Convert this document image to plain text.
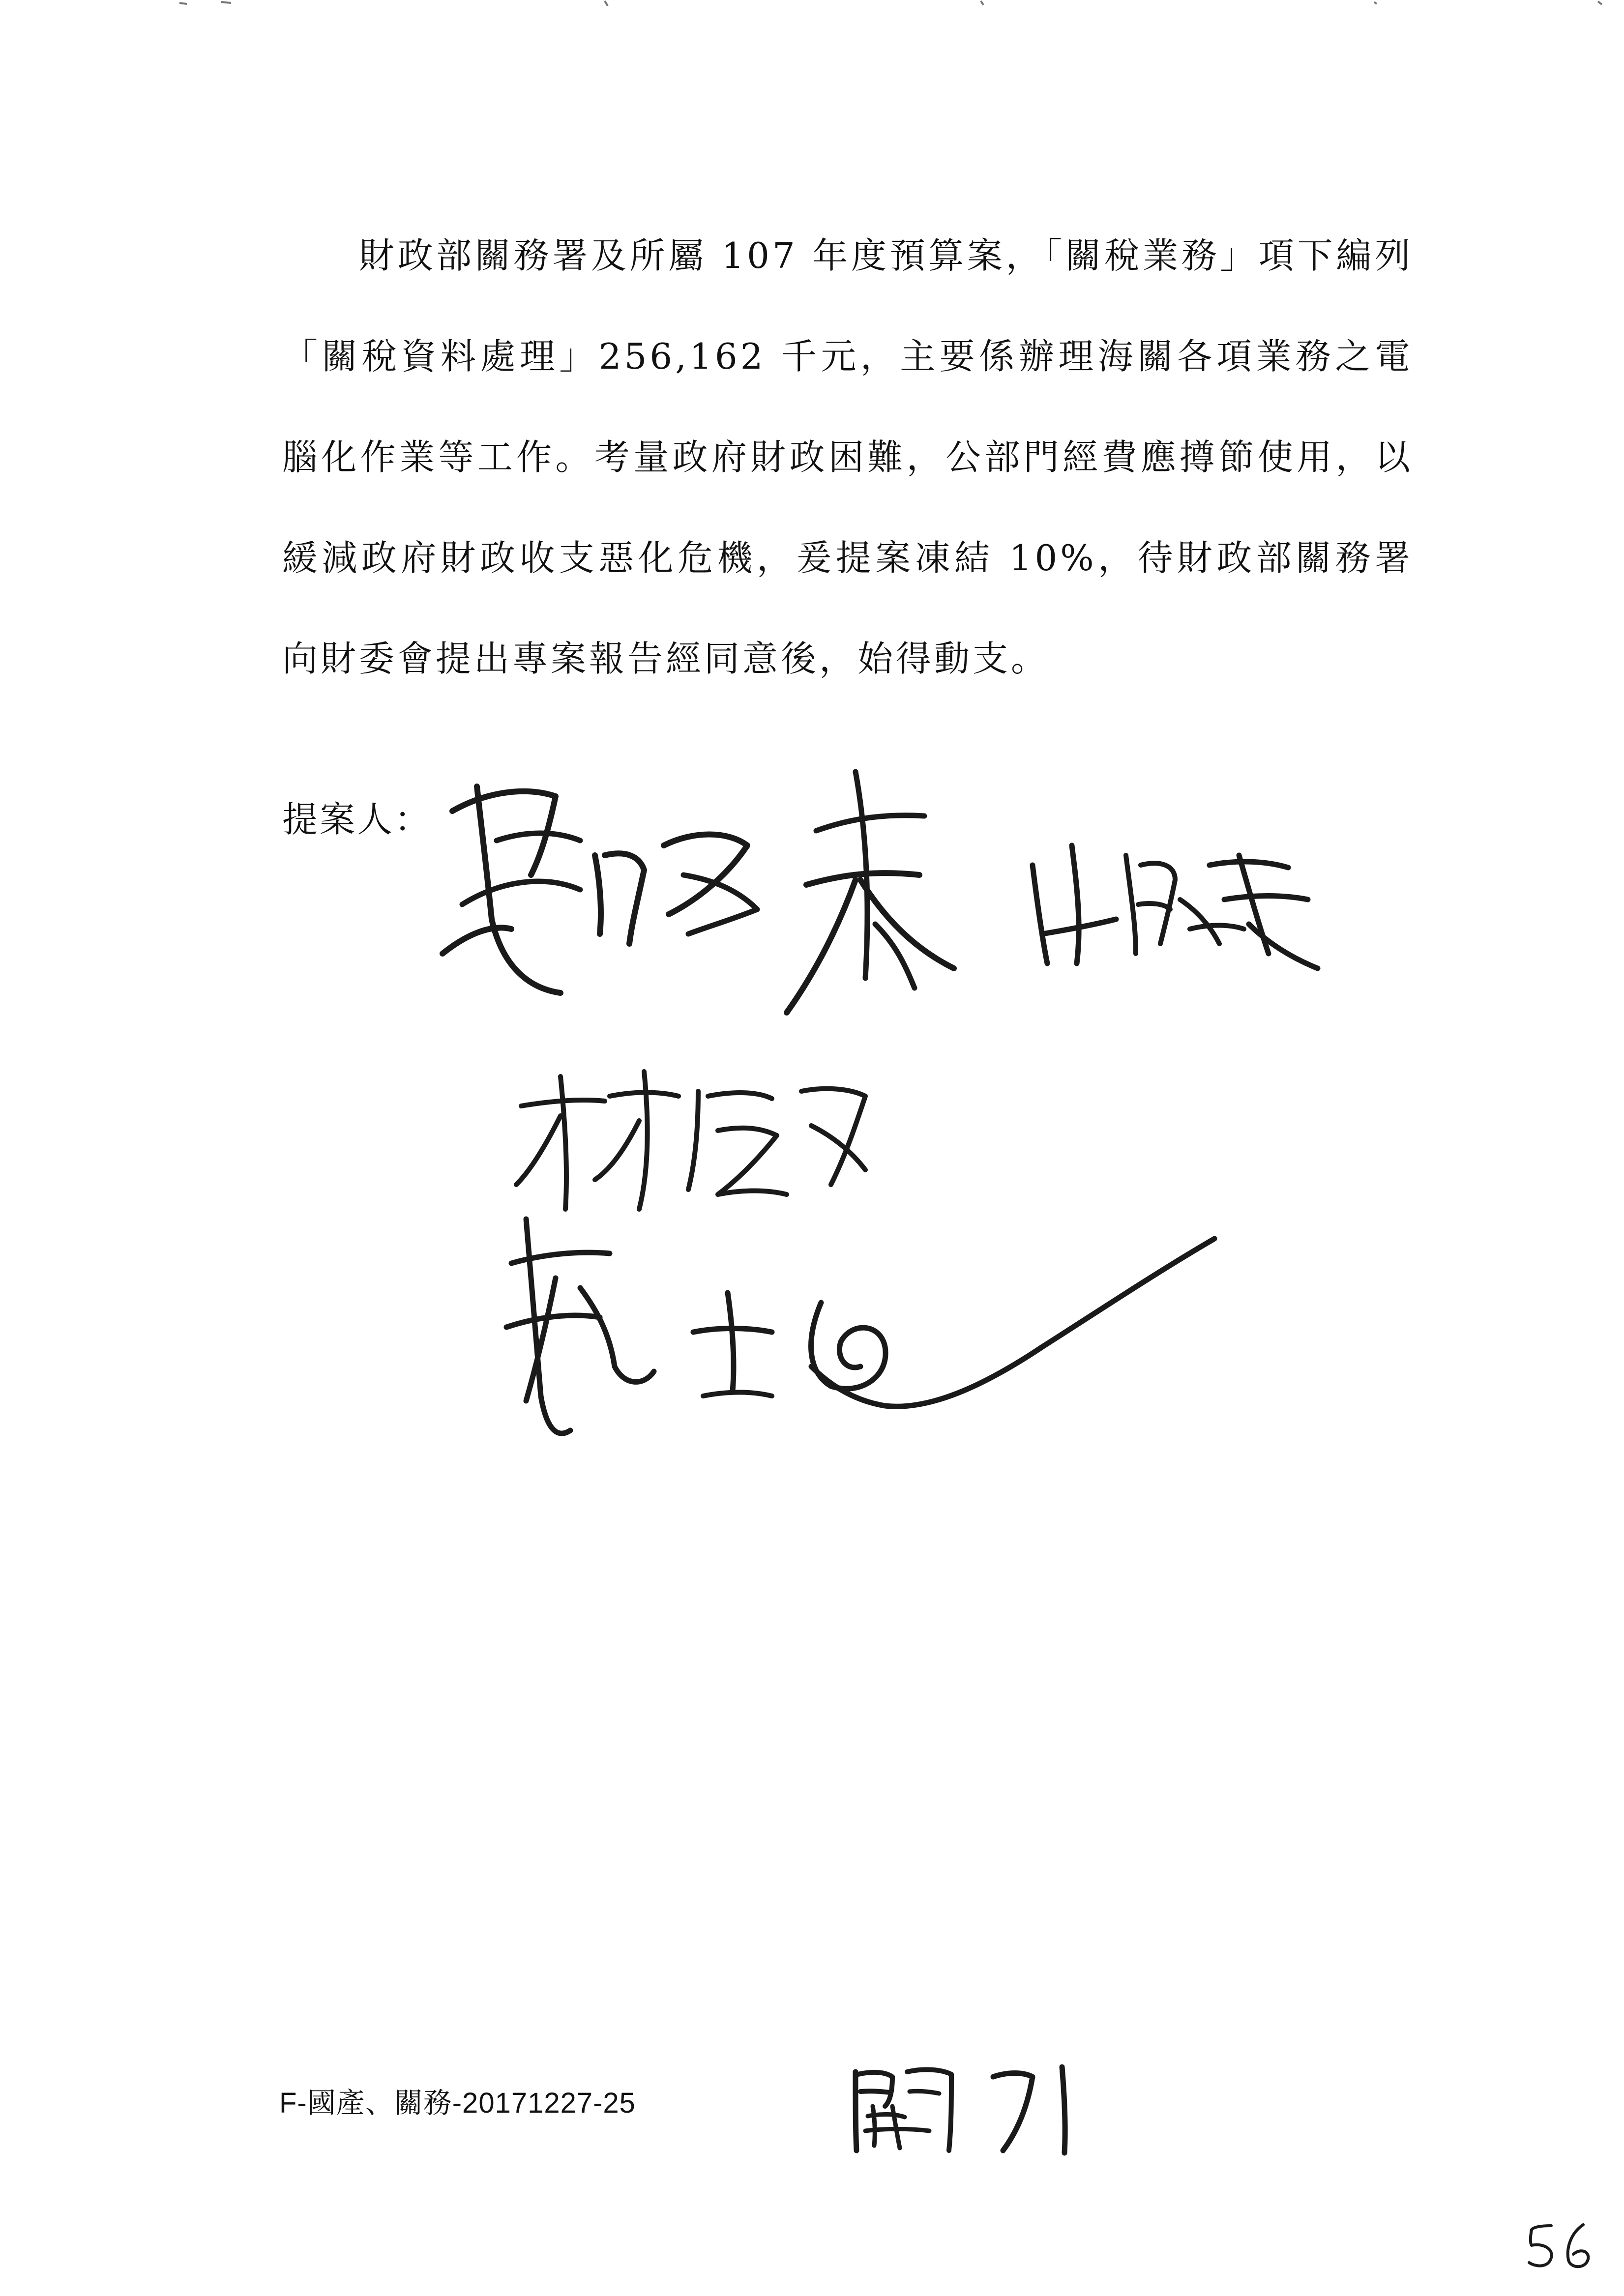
財政部關務署及所屬 107 年度預算案，「關稅業務」項下編列「關稅資料處理」256,162 千元，主要係辦理海關各項業務之電腦化作業等工作。考量政府財政困難，公部門經費應撙節使用，以緩減政府財政收支惡化危機，爰提案凍結 10%，待財政部關務署向財委會提出專案報告經同意後，始得動支。

提案人：
F-國產、關務-20171227-25
